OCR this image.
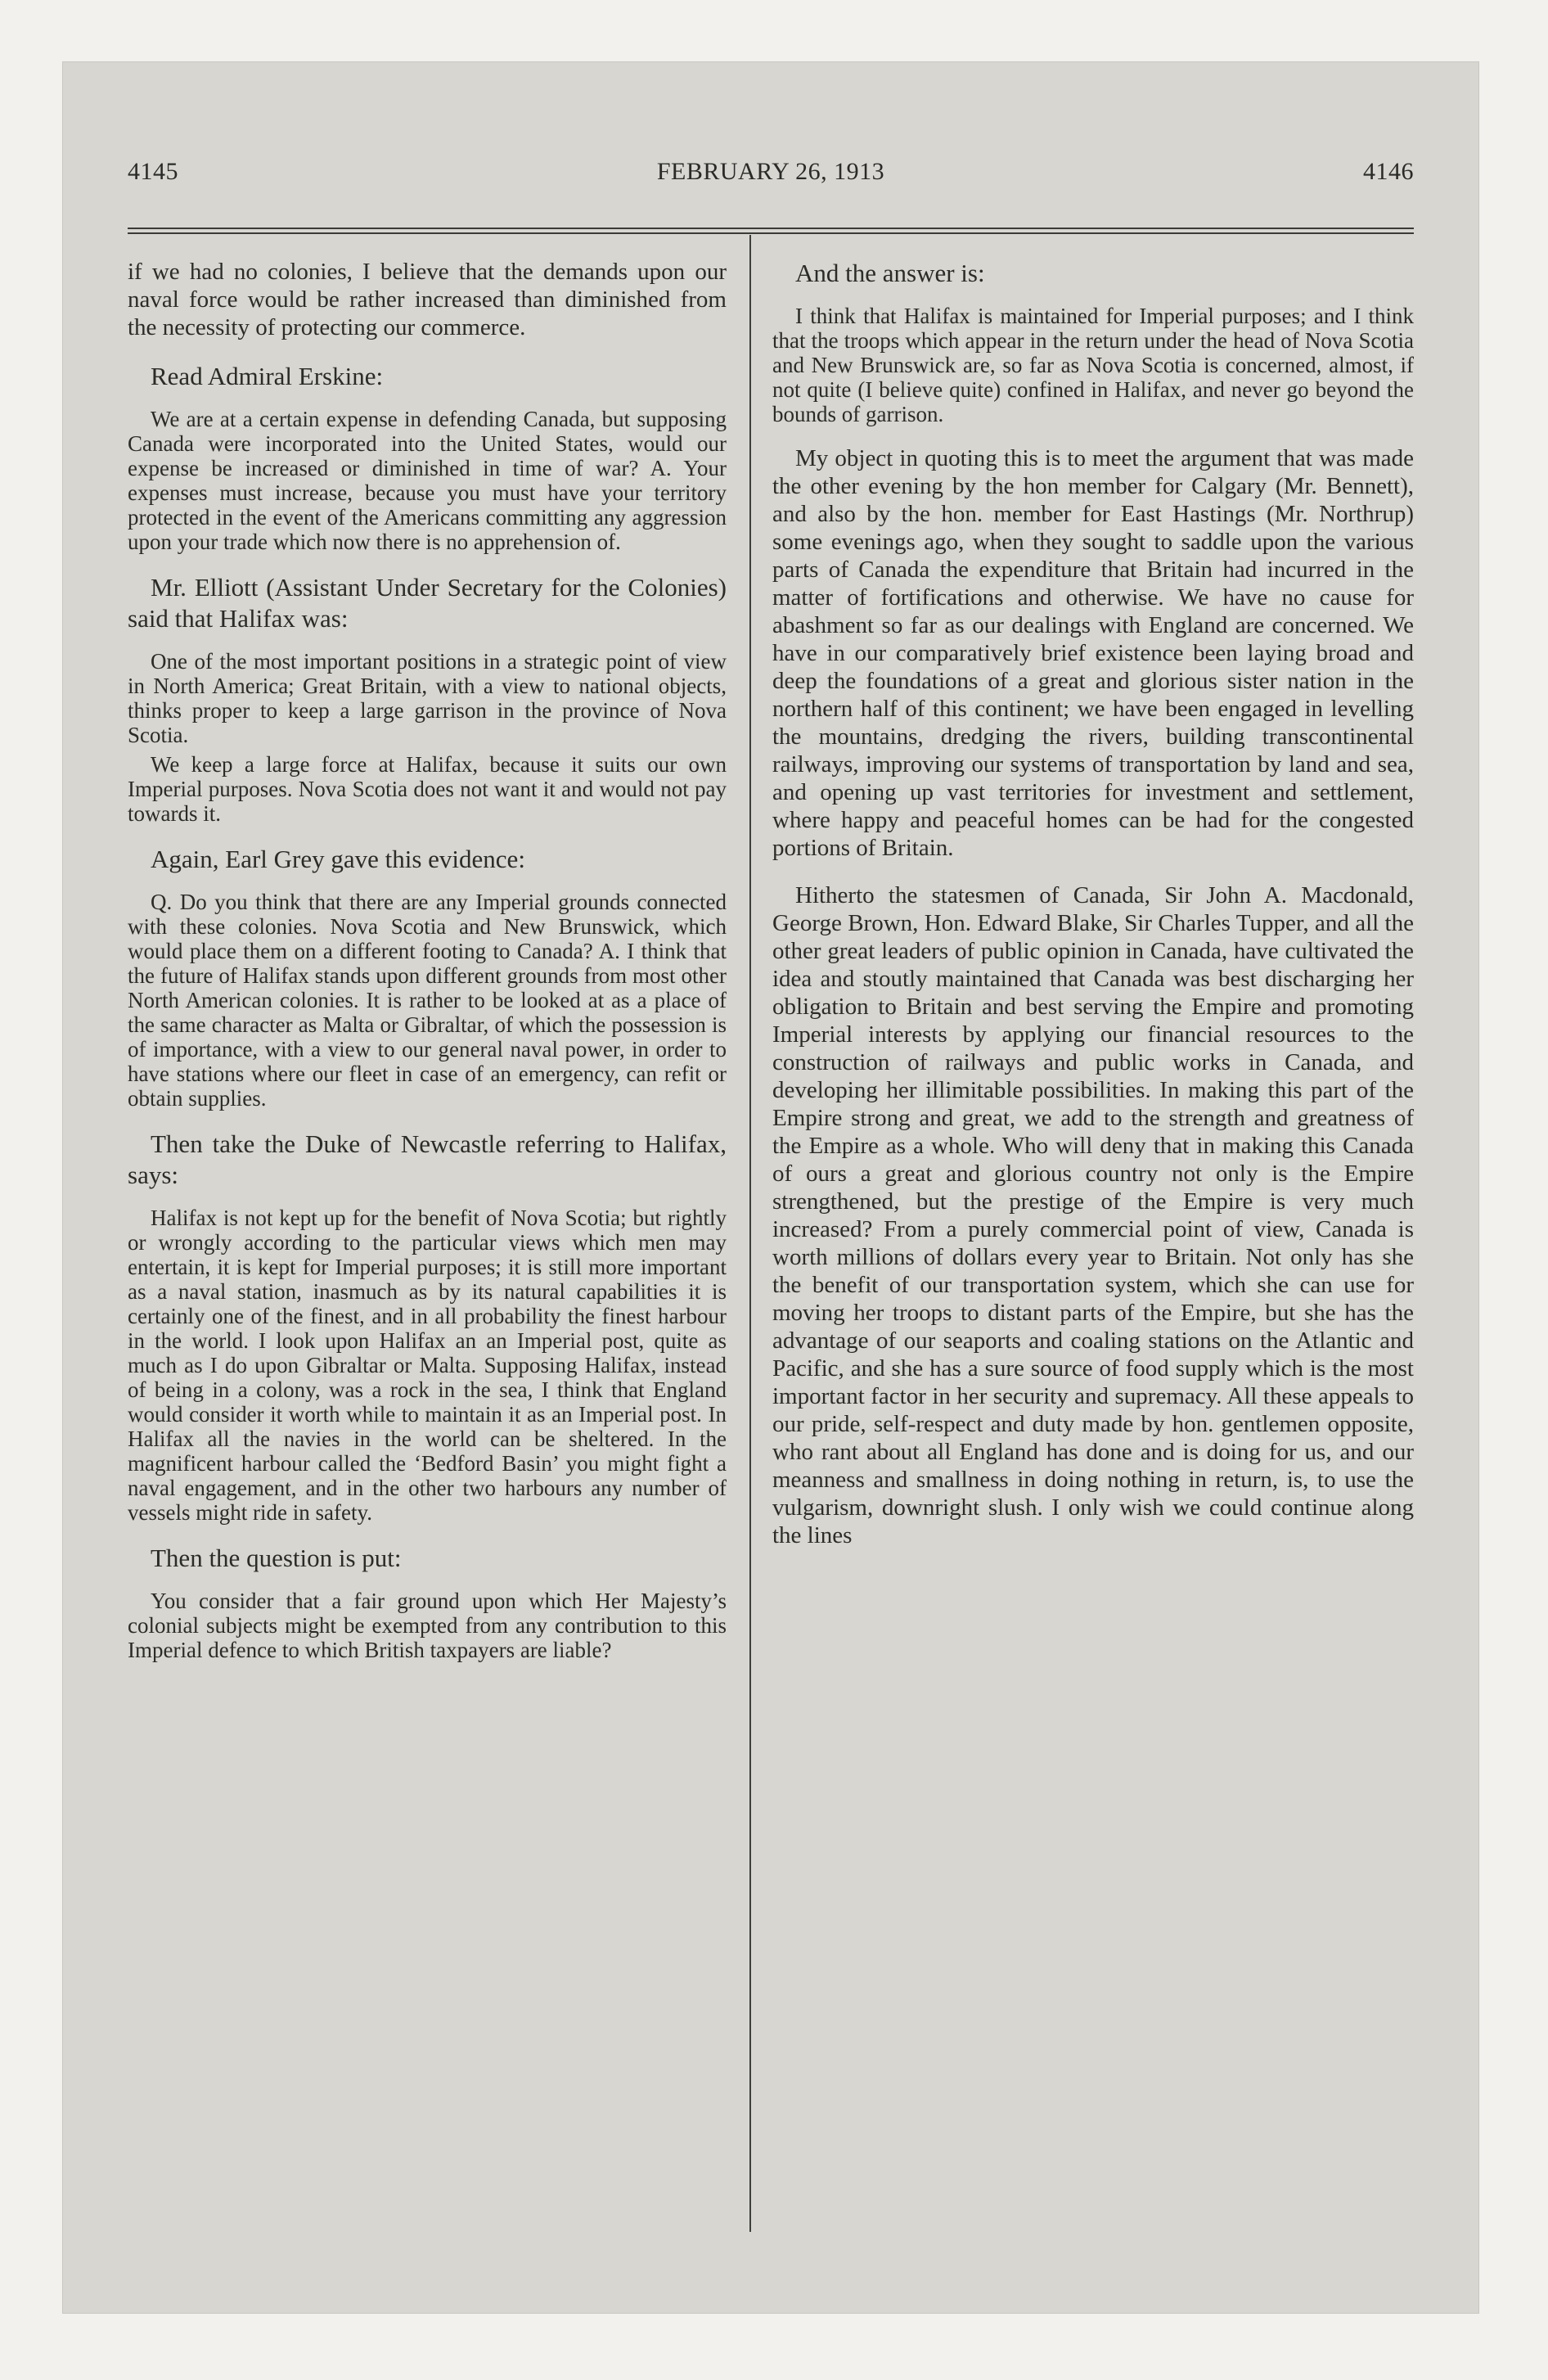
4145	FEBRUARY 26, 1913	4146

if we had no colonies, I believe that the demands upon our naval force would be rather increased than diminished from the necessity of protecting our commerce.

Read Admiral Erskine:

We are at a certain expense in defending Canada, but supposing Canada were incorporated into the United States, would our expense be increased or diminished in time of war? A. Your expenses must increase, because you must have your territory protected in the event of the Americans committing any aggression upon your trade which now there is no apprehension of.

Mr. Elliott (Assistant Under Secretary for the Colonies) said that Halifax was:

One of the most important positions in a strategic point of view in North America; Great Britain, with a view to national objects, thinks proper to keep a large garrison in the province of Nova Scotia.

We keep a large force at Halifax, because it suits our own Imperial purposes. Nova Scotia does not want it and would not pay towards it.

Again, Earl Grey gave this evidence:

Q. Do you think that there are any Imperial grounds connected with these colonies. Nova Scotia and New Brunswick, which would place them on a different footing to Canada? A. I think that the future of Halifax stands upon different grounds from most other North American colonies. It is rather to be looked at as a place of the same character as Malta or Gibraltar, of which the possession is of importance, with a view to our general naval power, in order to have stations where our fleet in case of an emergency, can refit or obtain supplies.

Then take the Duke of Newcastle referring to Halifax, says:

Halifax is not kept up for the benefit of Nova Scotia; but rightly or wrongly according to the particular views which men may entertain, it is kept for Imperial purposes; it is still more important as a naval station, inasmuch as by its natural capabilities it is certainly one of the finest, and in all probability the finest harbour in the world. I look upon Halifax an an Imperial post, quite as much as I do upon Gibraltar or Malta. Supposing Halifax, instead of being in a colony, was a rock in the sea, I think that England would consider it worth while to maintain it as an Imperial post. In Halifax all the navies in the world can be sheltered. In the magnificent harbour called the ‘Bedford Basin’ you might fight a naval engagement, and in the other two harbours any number of vessels might ride in safety.

Then the question is put:

You consider that a fair ground upon which Her Majesty’s colonial subjects might be exempted from any contribution to this Imperial defence to which British taxpayers are liable?

And the answer is:

I think that Halifax is maintained for Imperial purposes; and I think that the troops which appear in the return under the head of Nova Scotia and New Brunswick are, so far as Nova Scotia is concerned, almost, if not quite (I believe quite) confined in Halifax, and never go beyond the bounds of garrison.

My object in quoting this is to meet the argument that was made the other evening by the hon member for Calgary (Mr. Bennett), and also by the hon. member for East Hastings (Mr. Northrup) some evenings ago, when they sought to saddle upon the various parts of Canada the expenditure that Britain had incurred in the matter of fortifications and otherwise. We have no cause for abashment so far as our dealings with England are concerned. We have in our comparatively brief existence been laying broad and deep the foundations of a great and glorious sister nation in the northern half of this continent; we have been engaged in levelling the mountains, dredging the rivers, building transcontinental railways, improving our systems of transportation by land and sea, and opening up vast territories for investment and settlement, where happy and peaceful homes can be had for the congested portions of Britain.

Hitherto the statesmen of Canada, Sir John A. Macdonald, George Brown, Hon. Edward Blake, Sir Charles Tupper, and all the other great leaders of public opinion in Canada, have cultivated the idea and stoutly maintained that Canada was best discharging her obligation to Britain and best serving the Empire and promoting Imperial interests by applying our financial resources to the construction of railways and public works in Canada, and developing her illimitable possibilities. In making this part of the Empire strong and great, we add to the strength and greatness of the Empire as a whole. Who will deny that in making this Canada of ours a great and glorious country not only is the Empire strengthened, but the prestige of the Empire is very much increased? From a purely commercial point of view, Canada is worth millions of dollars every year to Britain. Not only has she the benefit of our transportation system, which she can use for moving her troops to distant parts of the Empire, but she has the advantage of our seaports and coaling stations on the Atlantic and Pacific, and she has a sure source of food supply which is the most important factor in her security and supremacy. All these appeals to our pride, self-respect and duty made by hon. gentlemen opposite, who rant about all England has done and is doing for us, and our meanness and smallness in doing nothing in return, is, to use the vulgarism, downright slush. I only wish we could continue along the lines
